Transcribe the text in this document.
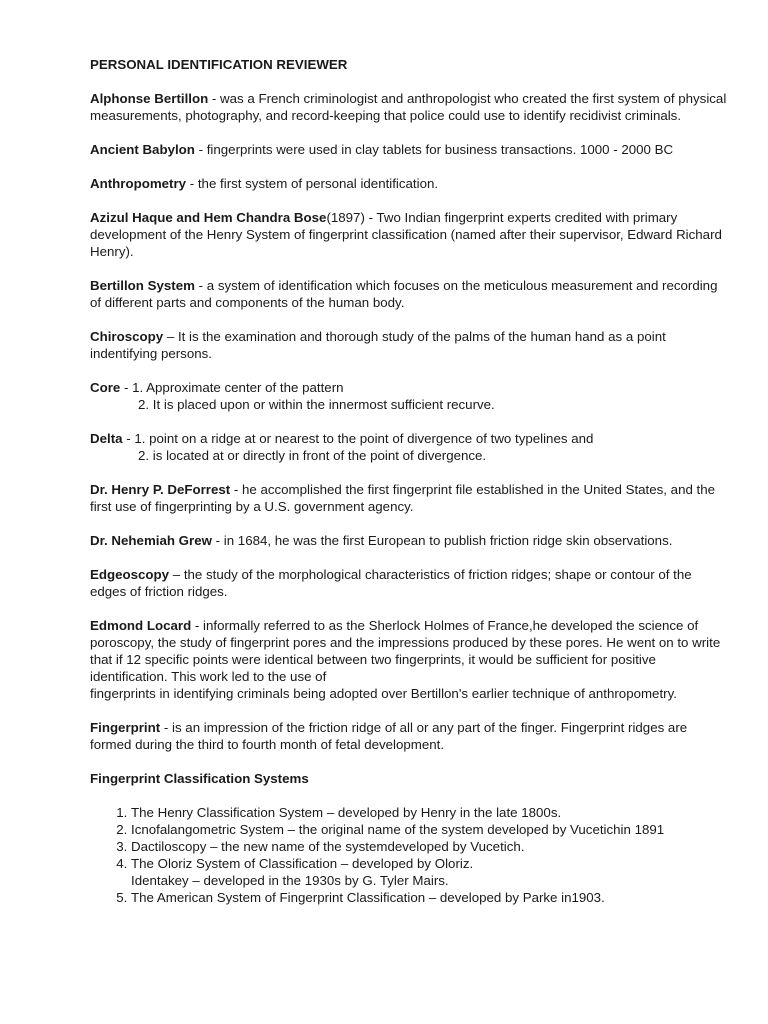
PERSONAL IDENTIFICATION REVIEWER
Alphonse Bertillon - was a French criminologist and anthropologist who created the first system of physical measurements, photography, and record-keeping that police could use to identify recidivist criminals.
Ancient Babylon - fingerprints were used in clay tablets for business transactions. 1000 - 2000 BC
Anthropometry - the first system of personal identification.
Azizul Haque and Hem Chandra Bose(1897) - Two Indian fingerprint experts credited with primary development of the Henry System of fingerprint classification (named after their supervisor, Edward Richard Henry).
Bertillon System - a system of identification which focuses on the meticulous measurement and recording of different parts and components of the human body.
Chiroscopy – It is the examination and thorough study of the palms of the human hand as a point indentifying persons.
Core - 1. Approximate center of the pattern
2. It is placed upon or within the innermost sufficient recurve.
Delta - 1. point on a ridge at or nearest to the point of divergence of two typelines and
2. is located at or directly in front of the point of divergence.
Dr. Henry P. DeForrest - he accomplished the first fingerprint file established in the United States, and the first use of fingerprinting by a U.S. government agency.
Dr. Nehemiah Grew - in 1684, he was the first European to publish friction ridge skin observations.
Edgeoscopy – the study of the morphological characteristics of friction ridges; shape or contour of the edges of friction ridges.
Edmond Locard - informally referred to as the Sherlock Holmes of France,he developed the science of poroscopy, the study of fingerprint pores and the impressions produced by these pores. He went on to write that if 12 specific points were identical between two fingerprints, it would be sufficient for positive identification. This work led to the use of
fingerprints in identifying criminals being adopted over Bertillon's earlier technique of anthropometry.
Fingerprint - is an impression of the friction ridge of all or any part of the finger. Fingerprint ridges are formed during the third to fourth month of fetal development.
Fingerprint Classification Systems
1. The Henry Classification System – developed by Henry in the late 1800s.
2. Icnofalangometric System – the original name of the system developed by Vucetichin 1891
3. Dactiloscopy – the new name of the systemdeveloped by Vucetich.
4. The Oloriz System of Classification – developed by Oloriz.
Identakey – developed in the 1930s by G. Tyler Mairs.
5. The American System of Fingerprint Classification – developed by Parke in1903.
